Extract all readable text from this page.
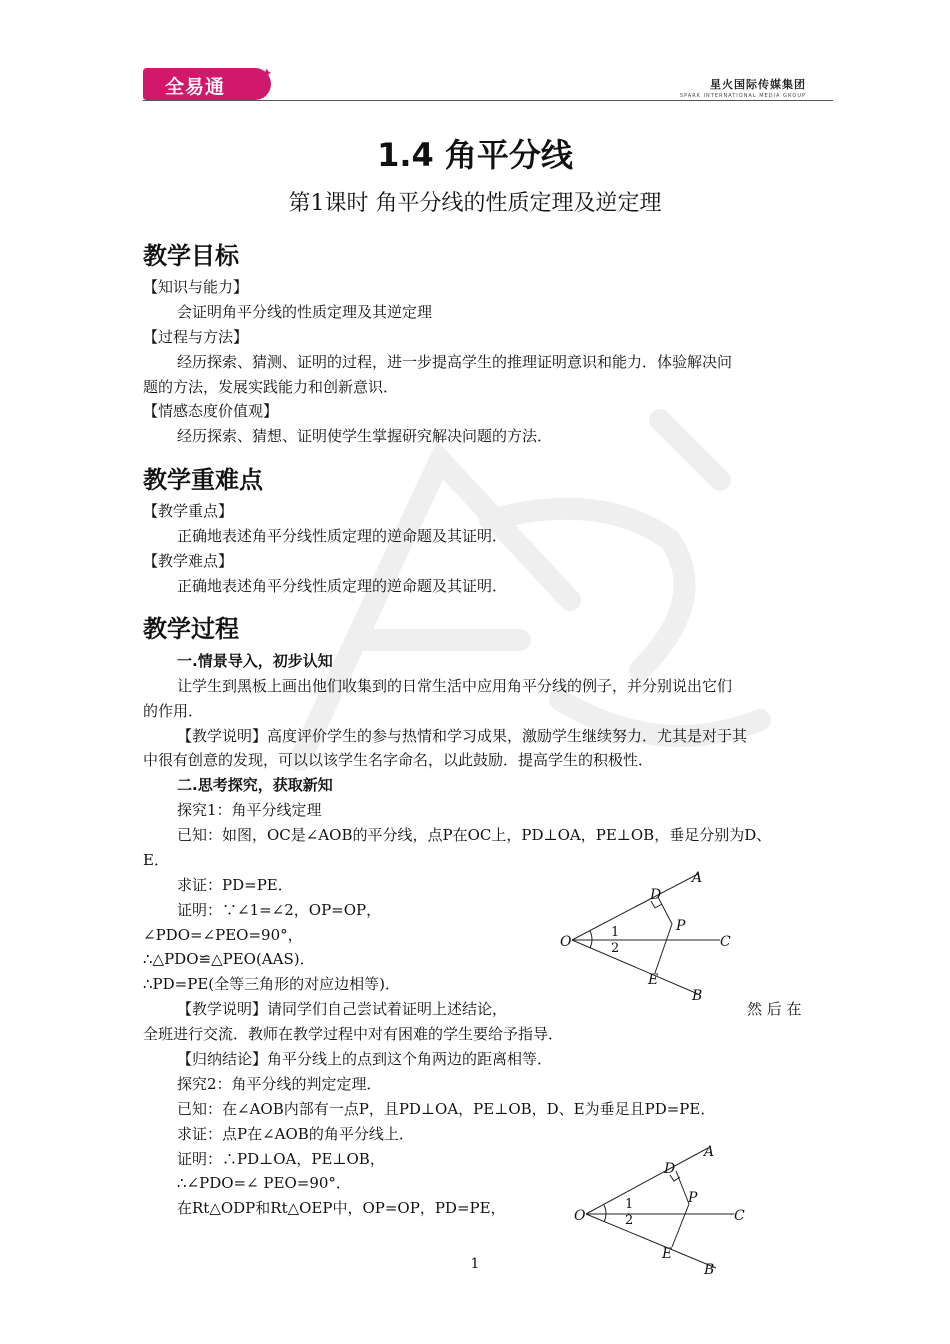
全易通
✦
星火国际传媒集团
SPARK INTERNATIONAL MEDIA GROUP
1.4 角平分线
第1课时 角平分线的性质定理及逆定理
教学目标
【知识与能力】
会证明角平分线的性质定理及其逆定理
【过程与方法】
经历探索、猜测、证明的过程，进一步提高学生的推理证明意识和能力．体验解决问
题的方法，发展实践能力和创新意识．
【情感态度价值观】
经历探索、猜想、证明使学生掌握研究解决问题的方法．
教学重难点
【教学重点】
正确地表述角平分线性质定理的逆命题及其证明．
【教学难点】
正确地表述角平分线性质定理的逆命题及其证明．
教学过程
一.情景导入，初步认知
让学生到黑板上画出他们收集到的日常生活中应用角平分线的例子，并分别说出它们
的作用．
【教学说明】高度评价学生的参与热情和学习成果，激励学生继续努力．尤其是对于其
中很有创意的发现，可以以该学生名字命名，以此鼓励．提高学生的积极性．
二.思考探究，获取新知
探究1：角平分线定理
已知：如图，OC是∠AOB的平分线，点P在OC上，PD⊥OA，PE⊥OB，垂足分别为D、
E．
求证：PD=PE．
证明：∵∠1=∠2，OP=OP，
∠PDO=∠PEO=90°，
∴△PDO≌△PEO(AAS)．
∴PD=PE(全等三角形的对应边相等)．
【教学说明】请同学们自己尝试着证明上述结论，	然 后 在
全班进行交流．教师在教学过程中对有困难的学生要给予指导．
【归纳结论】角平分线上的点到这个角两边的距离相等．
探究2：角平分线的判定定理．
已知：在∠AOB内部有一点P，且PD⊥OA，PE⊥OB，D、E为垂足且PD=PE．
求证：点P在∠AOB的角平分线上．
证明：∴PD⊥OA，PE⊥OB，
∴∠PDO=∠ PEO=90°．
在Rt△ODP和Rt△OEP中，OP=OP，PD=PE，
A
D
P
C
O
E
B
1
2
A
D
P
C
O
E
B
1
2
1
